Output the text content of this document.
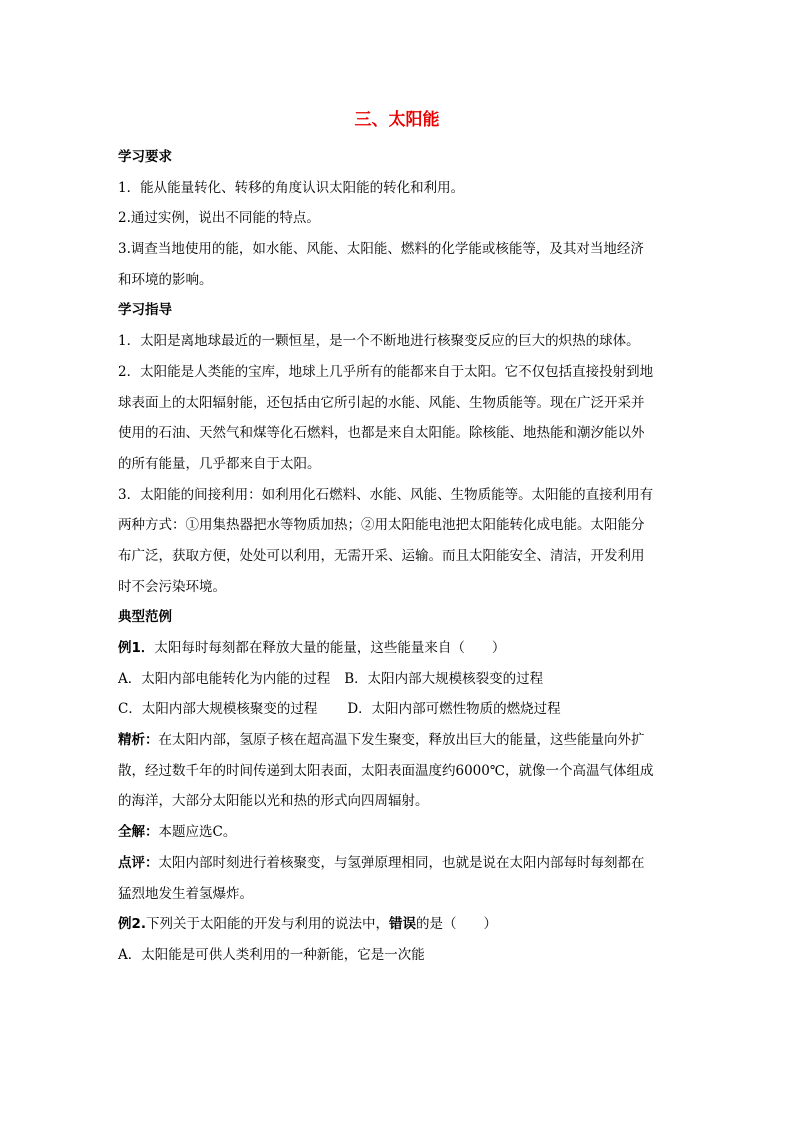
三、太阳能
学习要求
1．能从能量转化、转移的角度认识太阳能的转化和利用。
2.通过实例，说出不同能的特点。
3.调查当地使用的能，如水能、风能、太阳能、燃料的化学能或核能等，及其对当地经济
和环境的影响。
学习指导
1．太阳是离地球最近的一颗恒星，是一个不断地进行核聚变反应的巨大的炽热的球体。
2．太阳能是人类能的宝库，地球上几乎所有的能都来自于太阳。它不仅包括直接投射到地
球表面上的太阳辐射能，还包括由它所引起的水能、风能、生物质能等。现在广泛开采并
使用的石油、天然气和煤等化石燃料，也都是来自太阳能。除核能、地热能和潮汐能以外
的所有能量，几乎都来自于太阳。
3．太阳能的间接利用：如利用化石燃料、水能、风能、生物质能等。太阳能的直接利用有
两种方式：①用集热器把水等物质加热；②用太阳能电池把太阳能转化成电能。太阳能分
布广泛，获取方便，处处可以利用，无需开采、运输。而且太阳能安全、清洁，开发利用
时不会污染环境。
典型范例
例1．太阳每时每刻都在释放大量的能量，这些能量来自（　　）
A．太阳内部电能转化为内能的过程 B．太阳内部大规模核裂变的过程
C．太阳内部大规模核聚变的过程 D．太阳内部可燃性物质的燃烧过程
精析：在太阳内部，氢原子核在超高温下发生聚变，释放出巨大的能量，这些能量向外扩
散，经过数千年的时间传递到太阳表面，太阳表面温度约6000℃，就像一个高温气体组成
的海洋，大部分太阳能以光和热的形式向四周辐射。
全解：本题应选C。
点评：太阳内部时刻进行着核聚变，与氢弹原理相同，也就是说在太阳内部每时每刻都在
猛烈地发生着氢爆炸。
例2.下列关于太阳能的开发与利用的说法中，错误的是（　　）
A．太阳能是可供人类利用的一种新能，它是一次能
